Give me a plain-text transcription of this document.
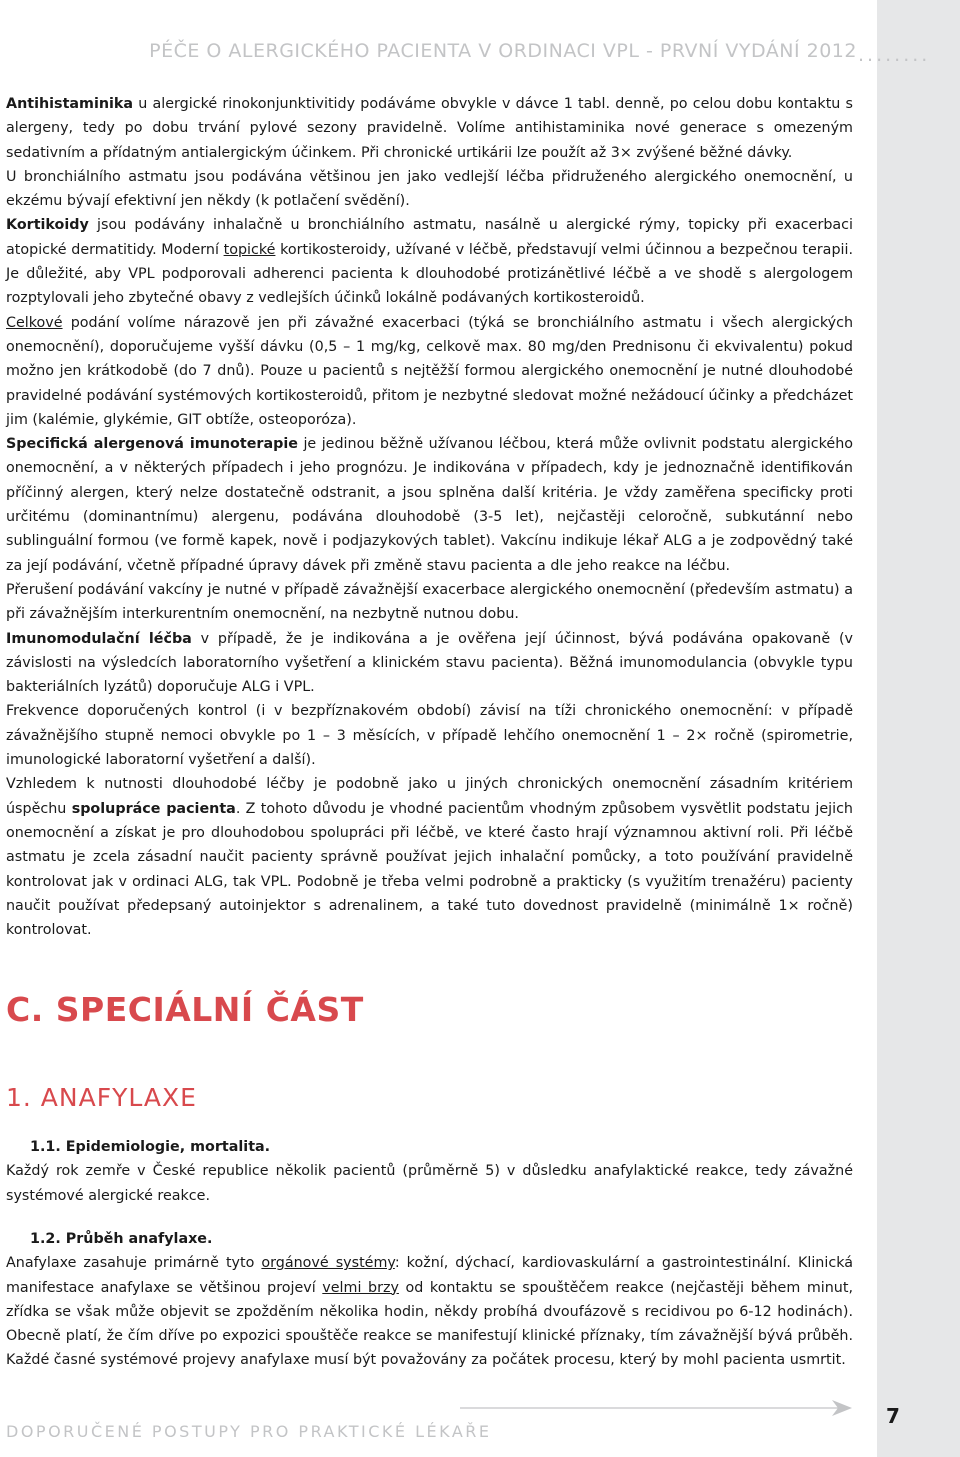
PÉČE O ALERGICKÉHO PACIENTA V ORDINACI VPL - PRVNÍ VYDÁNÍ 2012 ........

Antihistaminika u alergické rinokonjunktivitidy podáváme obvykle v dávce 1 tabl. denně, po celou dobu kontaktu s alergeny, tedy po dobu trvání pylové sezony pravidelně. Volíme antihistaminika nové generace s omezeným sedativním a přídatným antialergickým účinkem. Při chronické urtikárii lze použít až 3× zvýšené běžné dávky.

U bronchiálního astmatu jsou podávána většinou jen jako vedlejší léčba přidruženého alergického onemocnění, u ekzému bývají efektivní jen někdy (k potlačení svědění).

Kortikoidy jsou podávány inhalačně u bronchiálního astmatu, nasálně u alergické rýmy, topicky při exacerbaci atopické dermatitidy. Moderní topické kortikosteroidy, užívané v léčbě, představují velmi účinnou a bezpečnou terapii. Je důležité, aby VPL podporovali adherenci pacienta k dlouhodobé protizánětlivé léčbě a ve shodě s alergologem rozptylovali jeho zbytečné obavy z vedlejších účinků lokálně podávaných kortikosteroidů.

Celkové podání volíme nárazově jen při závažné exacerbaci (týká se bronchiálního astmatu i všech alergických onemocnění), doporučujeme vyšší dávku (0,5 – 1 mg/kg, celkově max. 80 mg/den Prednisonu či ekvivalentu) pokud možno jen krátkodobě (do 7 dnů). Pouze u pacientů s nejtěžší formou alergického onemocnění je nutné dlouhodobé pravidelné podávání systémových kortikosteroidů, přitom je nezbytné sledovat možné nežádoucí účinky a předcházet jim (kalémie, glykémie, GIT obtíže, osteoporóza).

Specifická alergenová imunoterapie je jedinou běžně užívanou léčbou, která může ovlivnit podstatu alergického onemocnění, a v některých případech i jeho prognózu. Je indikována v případech, kdy je jednoznačně identifikován příčinný alergen, který nelze dostatečně odstranit, a jsou splněna další kritéria. Je vždy zaměřena specificky proti určitému (dominantnímu) alergenu, podávána dlouhodobě (3-5 let), nejčastěji celoročně, subkutánní nebo sublinguální formou (ve formě kapek, nově i podjazykových tablet). Vakcínu indikuje lékař ALG a je zodpovědný také za její podávání, včetně případné úpravy dávek při změně stavu pacienta a dle jeho reakce na léčbu.

Přerušení podávání vakcíny je nutné v případě závažnější exacerbace alergického onemocnění (především astmatu) a při závažnějším interkurentním onemocnění, na nezbytně nutnou dobu.

Imunomodulační léčba v případě, že je indikována a je ověřena její účinnost, bývá podávána opakovaně (v závislosti na výsledcích laboratorního vyšetření a klinickém stavu pacienta). Běžná imunomodulancia (obvykle typu bakteriálních lyzátů) doporučuje ALG i VPL.

Frekvence doporučených kontrol (i v bezpříznakovém období) závisí na tíži chronického onemocnění: v případě závažnějšího stupně nemoci obvykle po 1 – 3 měsících, v případě lehčího onemocnění 1 – 2× ročně (spirometrie, imunologické laboratorní vyšetření a další).

Vzhledem k nutnosti dlouhodobé léčby je podobně jako u jiných chronických onemocnění zásadním kritériem úspěchu spolupráce pacienta. Z tohoto důvodu je vhodné pacientům vhodným způsobem vysvětlit podstatu jejich onemocnění a získat je pro dlouhodobou spolupráci při léčbě, ve které často hrají významnou aktivní roli. Při léčbě astmatu je zcela zásadní naučit pacienty správně používat jejich inhalační pomůcky, a toto používání pravidelně kontrolovat jak v ordinaci ALG, tak VPL. Podobně je třeba velmi podrobně a prakticky (s využitím trenažéru) pacienty naučit používat předepsaný autoinjektor s adrenalinem, a také tuto dovednost pravidelně (minimálně 1× ročně) kontrolovat.

C. SPECIÁLNÍ ČÁST
1. ANAFYLAXE
1.1. Epidemiologie, mortalita.

Každý rok zemře v České republice několik pacientů (průměrně 5) v důsledku anafylaktické reakce, tedy závažné systémové alergické reakce.

1.2. Průběh anafylaxe.

Anafylaxe zasahuje primárně tyto orgánové systémy: kožní, dýchací, kardiovaskulární a gastrointestinální. Klinická manifestace anafylaxe se většinou projeví velmi brzy od kontaktu se spouštěčem reakce (nejčastěji během minut, zřídka se však může objevit se zpožděním několika hodin, někdy probíhá dvoufázově s recidivou po 6-12 hodinách). Obecně platí, že čím dříve po expozici spouštěče reakce se manifestují klinické příznaky, tím závažnější bývá průběh. Každé časné systémové projevy anafylaxe musí být považovány za počátek procesu, který by mohl pacienta usmrtit.

DOPORUČENÉ POSTUPY PRO PRAKTICKÉ LÉKAŘE
7
